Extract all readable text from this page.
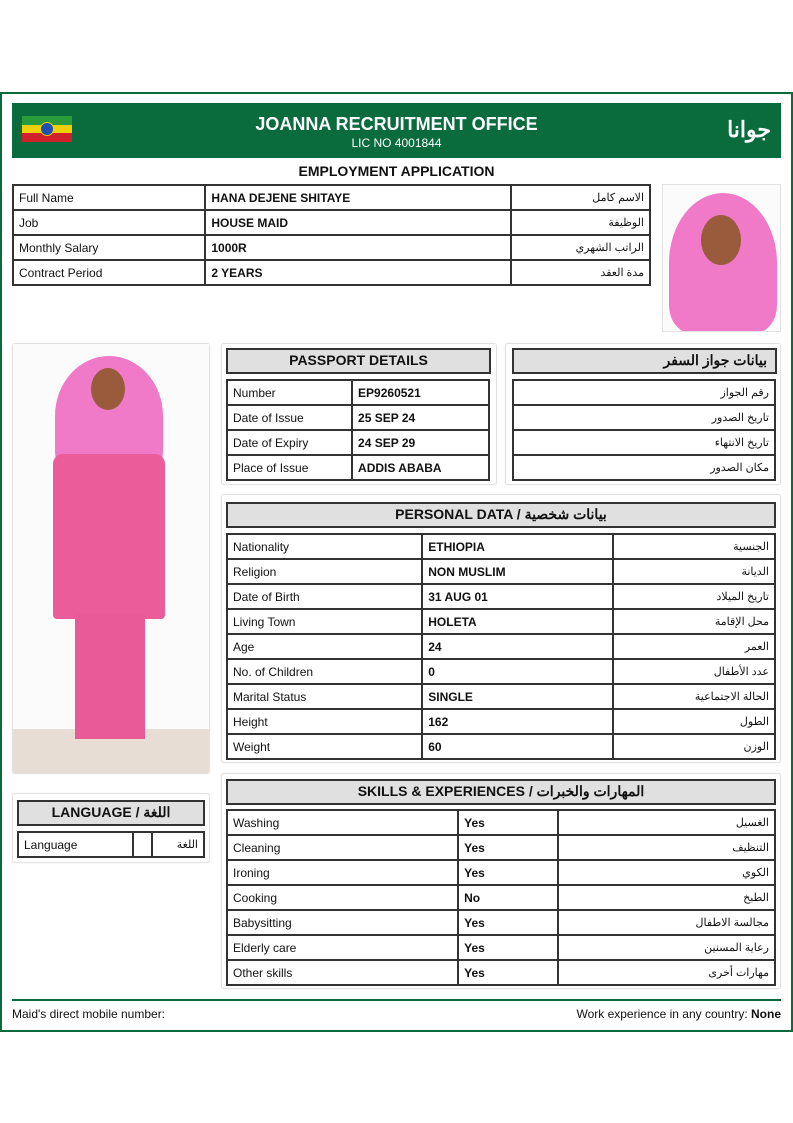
JOANNA RECRUITMENT OFFICE
LIC NO 4001844
جوانا
EMPLOYMENT APPLICATION
Full Name	HANA DEJENE SHITAYE	الاسم كامل
Job	HOUSE MAID	الوظيفة
Monthly Salary	1000R	الراتب الشهري
Contract Period	2 YEARS	مدة العقد
PASSPORT DETAILS
Number	EP9260521
Date of Issue	25 SEP 24
Date of Expiry	24 SEP 29
Place of Issue	ADDIS ABABA
بيانات جواز السفر
رقم الجواز
تاريخ الصدور
تاريخ الانتهاء
مكان الصدور
PERSONAL DATA / بيانات شخصية
Nationality	ETHIOPIA	الجنسية
Religion	NON MUSLIM	الديانة
Date of Birth	31 AUG 01	تاريخ الميلاد
Living Town	HOLETA	محل الإقامة
Age	24	العمر
No. of Children	0	عدد الأطفال
Marital Status	SINGLE	الحالة الاجتماعية
Height	162	الطول
Weight	60	الوزن
SKILLS & EXPERIENCES / المهارات والخبرات
Washing	Yes	الغسيل
Cleaning	Yes	التنظيف
Ironing	Yes	الكوي
Cooking	No	الطبخ
Babysitting	Yes	مجالسة الاطفال
Elderly care	Yes	رعاية المسنين
Other skills	Yes	مهارات أخرى
LANGUAGE / اللغة
Language		اللغة
Maid's direct mobile number:	Work experience in any country: None
